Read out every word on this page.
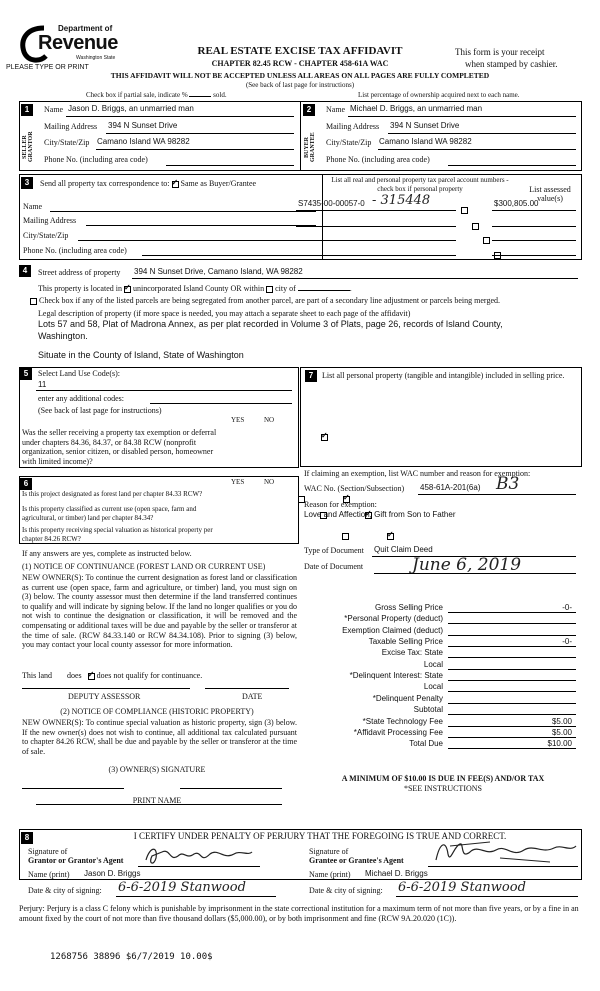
Department of
Revenue
Washington State
PLEASE TYPE OR PRINT
REAL ESTATE EXCISE TAX AFFIDAVIT
CHAPTER 82.45 RCW - CHAPTER 458-61A WAC
This form is your receipt
when stamped by cashier.
THIS AFFIDAVIT WILL NOT BE ACCEPTED UNLESS ALL AREAS ON ALL PAGES ARE FULLY COMPLETED
(See back of last page for instructions)
Check box if partial sale, indicate %	sold.	List percentage of ownership acquired next to each name.
1
SELLER GRANTOR
Name Jason D. Briggs, an unmarried man
Mailing Address 394 N Sunset Drive
City/State/Zip Camano Island WA 98282
Phone No. (including area code)
2
BUYER GRANTEE
Name Michael D. Briggs, an unmarried man
Mailing Address 394 N Sunset Drive
City/State/Zip Camano Island WA 98282
Phone No. (including area code)
3	Send all property tax correspondence to: ✓ Same as Buyer/Grantee
Name
Mailing Address
City/State/Zip
Phone No. (including area code)
List all real and personal property tax parcel account numbers - check box if personal property	List assessed value(s)
S7435-00-00057-0 - 315448	$300,805.00

4	Street address of property 394 N Sunset Drive, Camano Island, WA 98282
This property is located in ✓ unincorporated Island County OR within city of	.
Check box if any of the listed parcels are being segregated from another parcel, are part of a secondary line adjustment or parcels being merged.
Legal description of property (if more space is needed, you may attach a separate sheet to each page of the affidavit)
Lots 57 and 58, Plat of Madrona Annex, as per plat recorded in Volume 3 of Plats, page 26, records of Island County,
Washington.
Situate in the County of Island, State of Washington
5	Select Land Use Code(s):
11
enter any additional codes:
(See back of last page for instructions)
YES	NO
Was the seller receiving a property tax exemption or deferral under chapters 84.36, 84.37, or 84.38 RCW (nonprofit organization, senior citizen, or disabled person, homeowner with limited income)?
✓
7	List all personal property (tangible and intangible) included in selling price.
6	YES	NO
Is this project designated as forest land per chapter 84.33 RCW?
✓
Is this property classified as current use (open space, farm and agricultural, or timber) land per chapter 84.34?
✓
Is this property receiving special valuation as historical property per chapter 84.26 RCW?
✓
If any answers are yes, complete as instructed below.
(1) NOTICE OF CONTINUANCE (FOREST LAND OR CURRENT USE)
NEW OWNER(S): To continue the current designation as forest land or classification as current use (open space, farm and agriculture, or timber) land, you must sign on (3) below. The county assessor must then determine if the land transferred continues to qualify and will indicate by signing below. If the land no longer qualifies or you do not wish to continue the designation or classification, it will be removed and the compensating or additional taxes will be due and payable by the seller or transferor at the time of sale. (RCW 84.33.140 or RCW 84.34.108). Prior to signing (3) below, you may contact your local county assessor for more information.
This land does ✓ does not qualify for continuance.
DEPUTY ASSESSOR	DATE
(2) NOTICE OF COMPLIANCE (HISTORIC PROPERTY)
NEW OWNER(S): To continue special valuation as historic property, sign (3) below. If the new owner(s) does not wish to continue, all additional tax calculated pursuant to chapter 84.26 RCW, shall be due and payable by the seller or transferor at the time of sale.
(3) OWNER(S) SIGNATURE
PRINT NAME
If claiming an exemption, list WAC number and reason for exemption:
WAC No. (Section/Subsection) 458-61A-201(6a) B3
Reason for exemption:
Love and Affection, Gift from Son to Father
Type of Document Quit Claim Deed
Date of Document	June 6, 2019
Gross Selling Price	-0-
*Personal Property (deduct)
Exemption Claimed (deduct)
Taxable Selling Price	-0-
Excise Tax: State
Local
*Delinquent Interest: State
Local
*Delinquent Penalty
Subtotal
*State Technology Fee	$5.00
*Affidavit Processing Fee	$5.00
Total Due	$10.00
A MINIMUM OF $10.00 IS DUE IN FEE(S) AND/OR TAX
*SEE INSTRUCTIONS
8	I CERTIFY UNDER PENALTY OF PERJURY THAT THE FOREGOING IS TRUE AND CORRECT.
Signature of
Grantor or Grantor's Agent
Name (print) Jason D. Briggs
Date & city of signing: 6-6-2019 Stanwood
Signature of
Grantee or Grantee's Agent
Name (print) Michael D. Briggs
Date & city of signing: 6-6-2019 Stanwood
Perjury: Perjury is a class C felony which is punishable by imprisonment in the state correctional institution for a maximum term of not more than five years, or by a fine in an amount fixed by the court of not more than five thousand dollars ($5,000.00), or by both imprisonment and fine (RCW 9A.20.020 (1C)).
1268756 38896 $6/7/2019 10.00$
